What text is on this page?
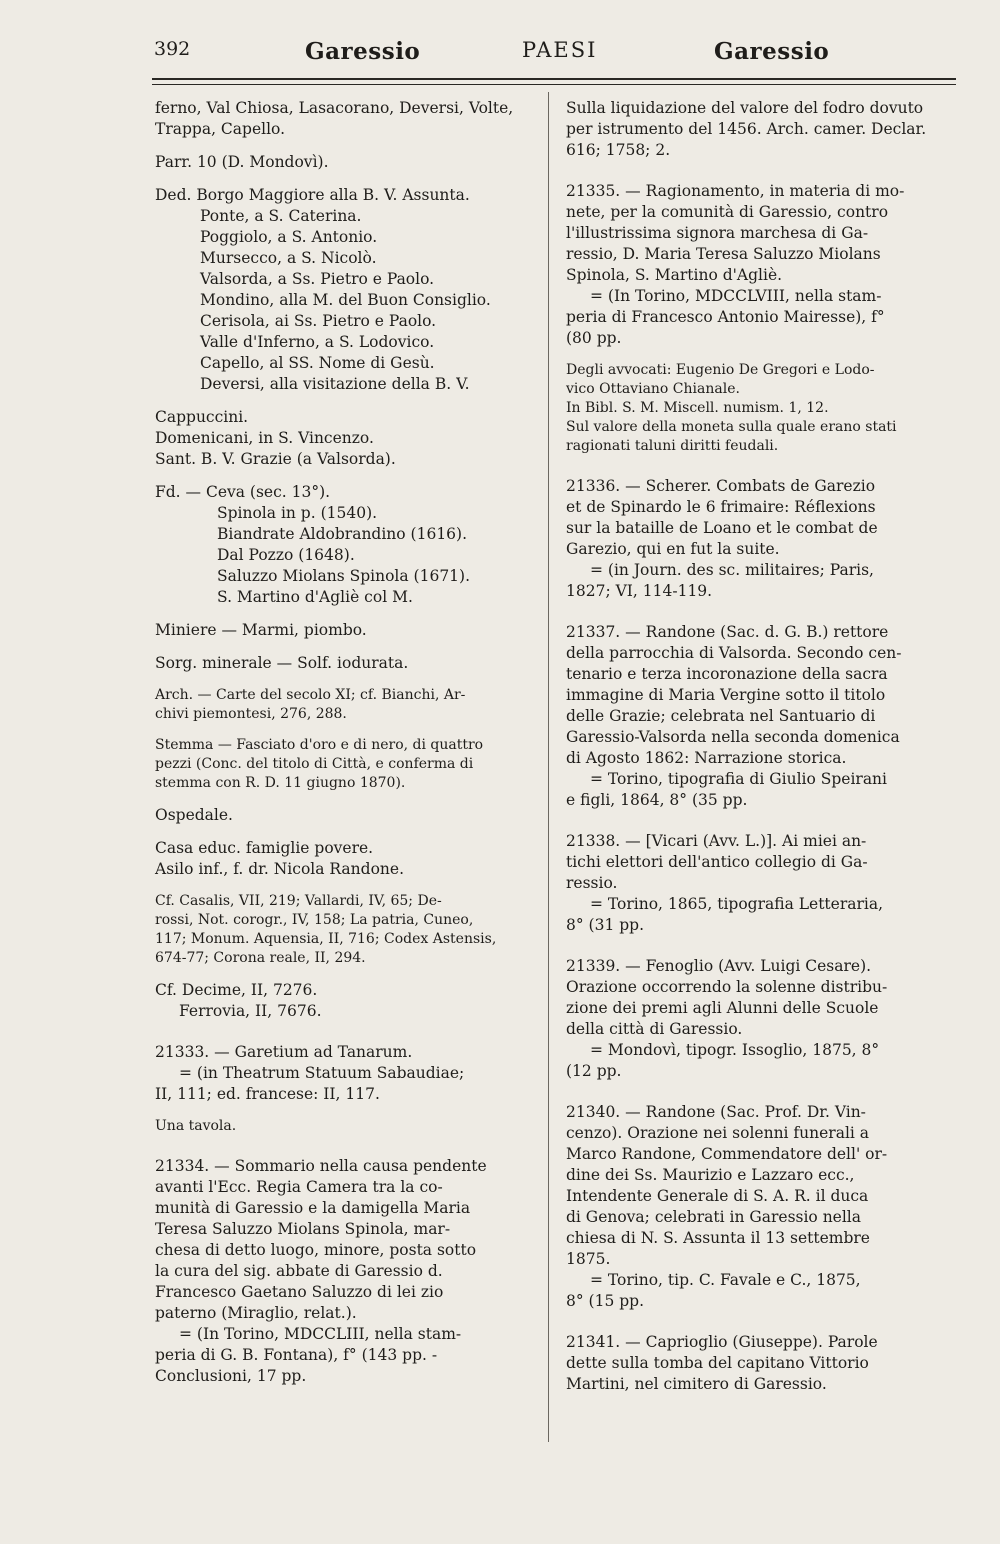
392	Garessio	PAESI	Garessio

ferno, Val Chiosa, Lasacorano, Deversi, Volte,

Trappa, Capello.

Parr. 10 (D. Mondovì).

Ded. Borgo Maggiore alla B. V. Assunta.

Ponte, a S. Caterina.

Poggiolo, a S. Antonio.

Mursecco, a S. Nicolò.

Valsorda, a Ss. Pietro e Paolo.

Mondino, alla M. del Buon Consiglio.

Cerisola, ai Ss. Pietro e Paolo.

Valle d'Inferno, a S. Lodovico.

Capello, al SS. Nome di Gesù.

Deversi, alla visitazione della B. V.

Cappuccini.

Domenicani, in S. Vincenzo.

Sant. B. V. Grazie (a Valsorda).

Fd. — Ceva (sec. 13°).

Spinola in p. (1540).

Biandrate Aldobrandino (1616).

Dal Pozzo (1648).

Saluzzo Miolans Spinola (1671).

S. Martino d'Agliè col M.

Miniere — Marmi, piombo.

Sorg. minerale — Solf. iodurata.

Arch. — Carte del secolo XI; cf. Bianchi, Ar-

chivi piemontesi, 276, 288.

Stemma — Fasciato d'oro e di nero, di quattro

pezzi (Conc. del titolo di Città, e conferma di

stemma con R. D. 11 giugno 1870).

Ospedale.

Casa educ. famiglie povere.

Asilo inf., f. dr. Nicola Randone.

Cf. Casalis, VII, 219; Vallardi, IV, 65; De-

rossi, Not. corogr., IV, 158; La patria, Cuneo,

117; Monum. Aquensia, II, 716; Codex Astensis,

674-77; Corona reale, II, 294.

Cf. Decime, II, 7276.

Ferrovia, II, 7676.

21333. — Garetium ad Tanarum.

= (in Theatrum Statuum Sabaudiae;

II, 111; ed. francese: II, 117.

Una tavola.

21334. — Sommario nella causa pendente

avanti l'Ecc. Regia Camera tra la co-

munità di Garessio e la damigella Maria

Teresa Saluzzo Miolans Spinola, mar-

chesa di detto luogo, minore, posta sotto

la cura del sig. abbate di Garessio d.

Francesco Gaetano Saluzzo di lei zio

paterno (Miraglio, relat.).

= (In Torino, MDCCLIII, nella stam-

peria di G. B. Fontana), f° (143 pp. -

Conclusioni, 17 pp.

Sulla liquidazione del valore del fodro dovuto

per istrumento del 1456. Arch. camer. Declar.

616; 1758; 2.

21335. — Ragionamento, in materia di mo-

nete, per la comunità di Garessio, contro

l'illustrissima signora marchesa di Ga-

ressio, D. Maria Teresa Saluzzo Miolans

Spinola, S. Martino d'Agliè.

= (In Torino, MDCCLVIII, nella stam-

peria di Francesco Antonio Mairesse), f°

(80 pp.

Degli avvocati: Eugenio De Gregori e Lodo-

vico Ottaviano Chianale.

In Bibl. S. M. Miscell. numism. 1, 12.

Sul valore della moneta sulla quale erano stati

ragionati taluni diritti feudali.

21336. — Scherer. Combats de Garezio

et de Spinardo le 6 frimaire: Réflexions

sur la bataille de Loano et le combat de

Garezio, qui en fut la suite.

= (in Journ. des sc. militaires; Paris,

1827; VI, 114-119.

21337. — Randone (Sac. d. G. B.) rettore

della parrocchia di Valsorda. Secondo cen-

tenario e terza incoronazione della sacra

immagine di Maria Vergine sotto il titolo

delle Grazie; celebrata nel Santuario di

Garessio-Valsorda nella seconda domenica

di Agosto 1862: Narrazione storica.

= Torino, tipografia di Giulio Speirani

e figli, 1864, 8° (35 pp.

21338. — [Vicari (Avv. L.)]. Ai miei an-

tichi elettori dell'antico collegio di Ga-

ressio.

= Torino, 1865, tipografia Letteraria,

8° (31 pp.

21339. — Fenoglio (Avv. Luigi Cesare).

Orazione occorrendo la solenne distribu-

zione dei premi agli Alunni delle Scuole

della città di Garessio.

= Mondovì, tipogr. Issoglio, 1875, 8°

(12 pp.

21340. — Randone (Sac. Prof. Dr. Vin-

cenzo). Orazione nei solenni funerali a

Marco Randone, Commendatore dell' or-

dine dei Ss. Maurizio e Lazzaro ecc.,

Intendente Generale di S. A. R. il duca

di Genova; celebrati in Garessio nella

chiesa di N. S. Assunta il 13 settembre

1875.

= Torino, tip. C. Favale e C., 1875,

8° (15 pp.

21341. — Caprioglio (Giuseppe). Parole

dette sulla tomba del capitano Vittorio

Martini, nel cimitero di Garessio.
